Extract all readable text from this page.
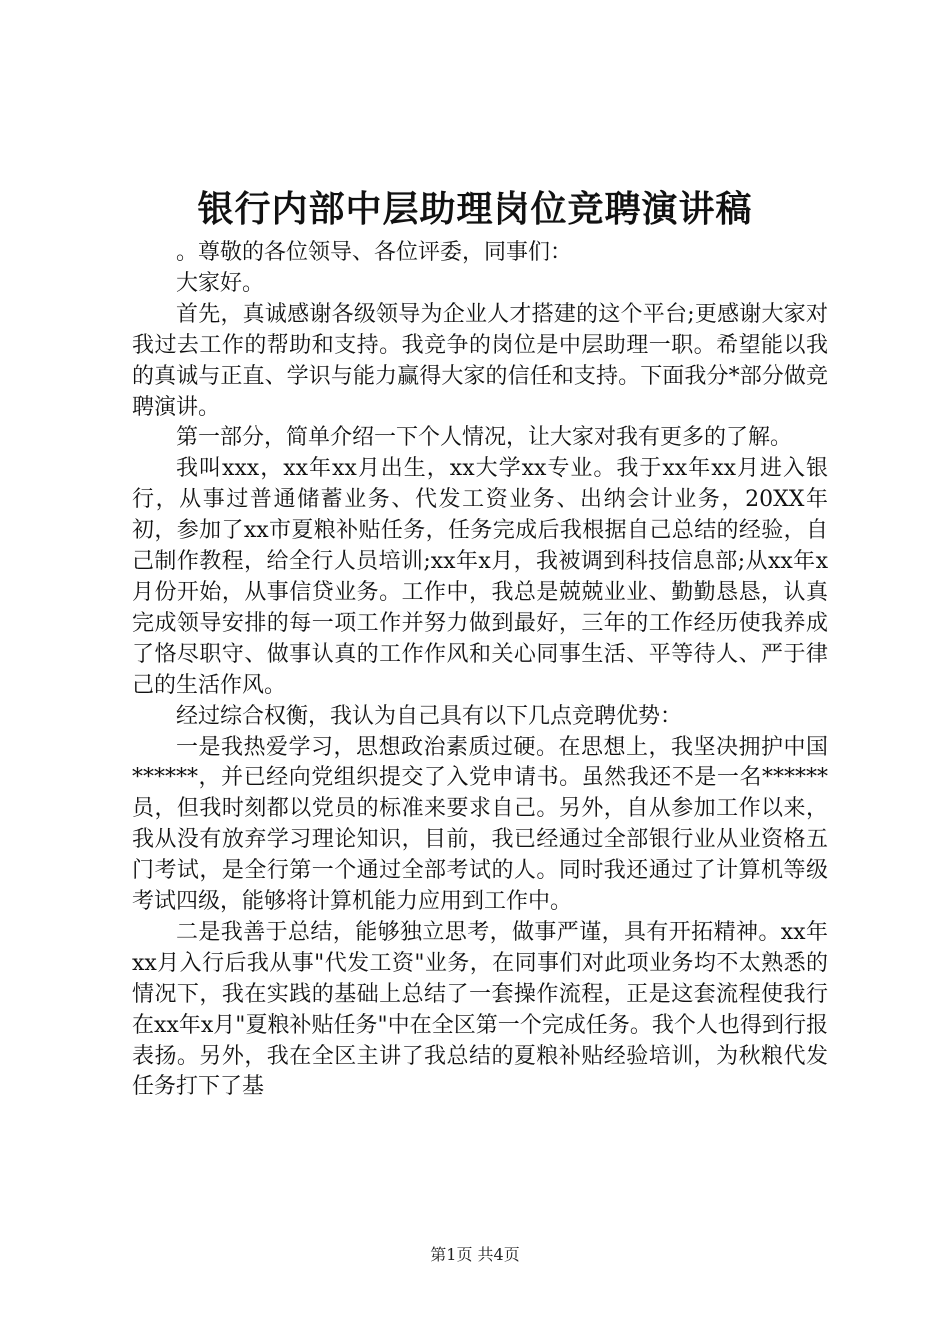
银行内部中层助理岗位竞聘演讲稿

。尊敬的各位领导、各位评委，同事们：

大家好。

首先，真诚感谢各级领导为企业人才搭建的这个平台;更感谢大家对我过去工作的帮助和支持。我竞争的岗位是中层助理一职。希望能以我的真诚与正直、学识与能力赢得大家的信任和支持。下面我分*部分做竞聘演讲。

第一部分，简单介绍一下个人情况，让大家对我有更多的了解。

我叫xxx，xx年xx月出生，xx大学xx专业。我于xx年xx月进入银行，从事过普通储蓄业务、代发工资业务、出纳会计业务，20XX年初，参加了xx市夏粮补贴任务，任务完成后我根据自己总结的经验，自己制作教程，给全行人员培训;xx年x月，我被调到科技信息部;从xx年x月份开始，从事信贷业务。工作中，我总是兢兢业业、勤勤恳恳，认真完成领导安排的每一项工作并努力做到最好，三年的工作经历使我养成了恪尽职守、做事认真的工作作风和关心同事生活、平等待人、严于律己的生活作风。

经过综合权衡，我认为自己具有以下几点竞聘优势：

一是我热爱学习，思想政治素质过硬。在思想上，我坚决拥护中国******，并已经向党组织提交了入党申请书。虽然我还不是一名******员，但我时刻都以党员的标准来要求自己。另外，自从参加工作以来，我从没有放弃学习理论知识，目前，我已经通过全部银行业从业资格五门考试，是全行第一个通过全部考试的人。同时我还通过了计算机等级考试四级，能够将计算机能力应用到工作中。

二是我善于总结，能够独立思考，做事严谨，具有开拓精神。xx年xx月入行后我从事"代发工资"业务，在同事们对此项业务均不太熟悉的情况下，我在实践的基础上总结了一套操作流程，正是这套流程使我行在xx年x月"夏粮补贴任务"中在全区第一个完成任务。我个人也得到行报表扬。另外，我在全区主讲了我总结的夏粮补贴经验培训，为秋粮代发任务打下了基

第1页 共4页
